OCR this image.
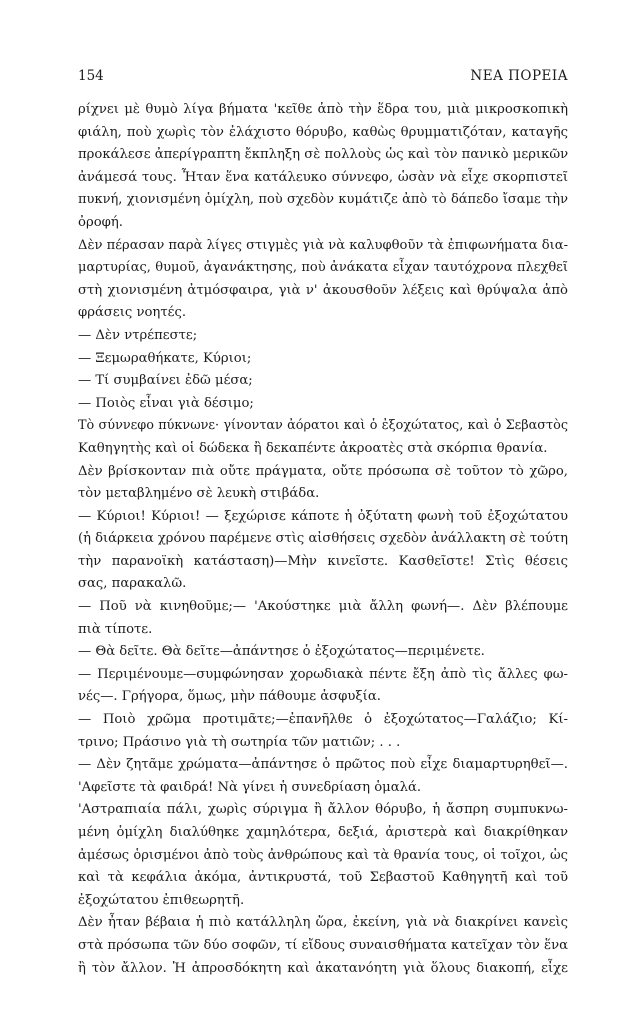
154	ΝΕΑ ΠΟΡΕΙΑ
ρίχνει μὲ θυμὸ λίγα βήματα 'κεῖθε ἀπὸ τὴν ἕδρα του, μιὰ μικροσκοπικὴ
φιάλη, ποὺ χωρὶς τὸν ἐλάχιστο θόρυβο, καθὼς θρυμματιζόταν, καταγῆς
προκάλεσε ἀπερίγραπτη ἔκπληξη σὲ πολλοὺς ὡς καὶ τὸν πανικὸ μερικῶν
ἀνάμεσά τους. Ἦταν ἕνα κατάλευκο σύννεφο, ὡσὰν νὰ εἶχε σκορπιστεῖ
πυκνή, χιονισμένη ὁμίχλη, ποὺ σχεδὸν κυμάτιζε ἀπὸ τὸ δάπεδο ἴσαμε τὴν
ὀροφή.
Δὲν πέρασαν παρὰ λίγες στιγμὲς γιὰ νὰ καλυφθοῦν τὰ ἐπιφωνήματα δια-
μαρτυρίας, θυμοῦ, ἀγανάκτησης, ποὺ ἀνάκατα εἶχαν ταυτόχρονα πλεχθεῖ
στὴ χιονισμένη ἀτμόσφαιρα, γιὰ ν' ἀκουσθοῦν λέξεις καὶ θρύψαλα ἀπὸ
φράσεις νοητές.
— Δὲν ντρέπεστε;
— Ξεμωραθήκατε, Κύριοι;
— Τί συμβαίνει ἐδῶ μέσα;
— Ποιὸς εἶναι γιὰ δέσιμο;
Τὸ σύννεφο πύκνωνε· γίνονταν ἀόρατοι καὶ ὁ ἐξοχώτατος, καὶ ὁ Σεβαστὸς
Καθηγητὴς καὶ οἱ δώδεκα ἢ δεκαπέντε ἀκροατὲς στὰ σκόρπια θρανία.
Δὲν βρίσκονταν πιὰ οὔτε πράγματα, οὔτε πρόσωπα σὲ τοῦτον τὸ χῶρο,
τὸν μεταβλημένο σὲ λευκὴ στιβάδα.
— Κύριοι! Κύριοι! — ξεχώρισε κάποτε ἡ ὀξύτατη φωνὴ τοῦ ἐξοχώτατου
(ἡ διάρκεια χρόνου παρέμενε στὶς αἰσθήσεις σχεδὸν ἀνάλλακτη σὲ τούτη
τὴν παρανοϊκὴ κατάσταση)—Μὴν κινεῖστε. Κασθεῖστε! Στὶς θέσεις
σας, παρακαλῶ.
— Ποῦ νὰ κινηθοῦμε;— 'Ακούστηκε μιὰ ἄλλη φωνή—. Δὲν βλέπουμε
πιὰ τίποτε.
— Θὰ δεῖτε. Θὰ δεῖτε—ἀπάντησε ὁ ἐξοχώτατος—περιμένετε.
— Περιμένουμε—συμφώνησαν χορωδιακὰ πέντε ἔξη ἀπὸ τὶς ἄλλες φω-
νές—. Γρήγορα, ὅμως, μὴν πάθουμε ἀσφυξία.
— Ποιὸ χρῶμα προτιμᾶτε;—ἐπανῆλθε ὁ ἐξοχώτατος—Γαλάζιο; Κί-
τρινο; Πράσινο γιὰ τὴ σωτηρία τῶν ματιῶν; . . .
— Δὲν ζητᾶμε χρώματα—ἀπάντησε ὁ πρῶτος ποὺ εἶχε διαμαρτυρηθεῖ—.
'Αφεῖστε τὰ φαιδρά! Νὰ γίνει ἡ συνεδρίαση ὁμαλά.
'Αστραπιαία πάλι, χωρὶς σύριγμα ἢ ἄλλον θόρυβο, ἡ ἄσπρη συμπυκνω-
μένη ὁμίχλη διαλύθηκε χαμηλότερα, δεξιά, ἀριστερὰ καὶ διακρίθηκαν
ἀμέσως ὁρισμένοι ἀπὸ τοὺς ἀνθρώπους καὶ τὰ θρανία τους, οἱ τοῖχοι, ὡς
καὶ τὰ κεφάλια ἀκόμα, ἀντικρυστά, τοῦ Σεβαστοῦ Καθηγητῆ καὶ τοῦ
ἐξοχώτατου ἐπιθεωρητῆ.
Δὲν ἦταν βέβαια ἡ πιὸ κατάλληλη ὥρα, ἐκείνη, γιὰ νὰ διακρίνει κανεὶς
στὰ πρόσωπα τῶν δύο σοφῶν, τί εἴδους συναισθήματα κατεῖχαν τὸν ἕνα
ἢ τὸν ἄλλον. Ἡ ἀπροσδόκητη καὶ ἀκατανόητη γιὰ ὅλους διακοπή, εἶχε
